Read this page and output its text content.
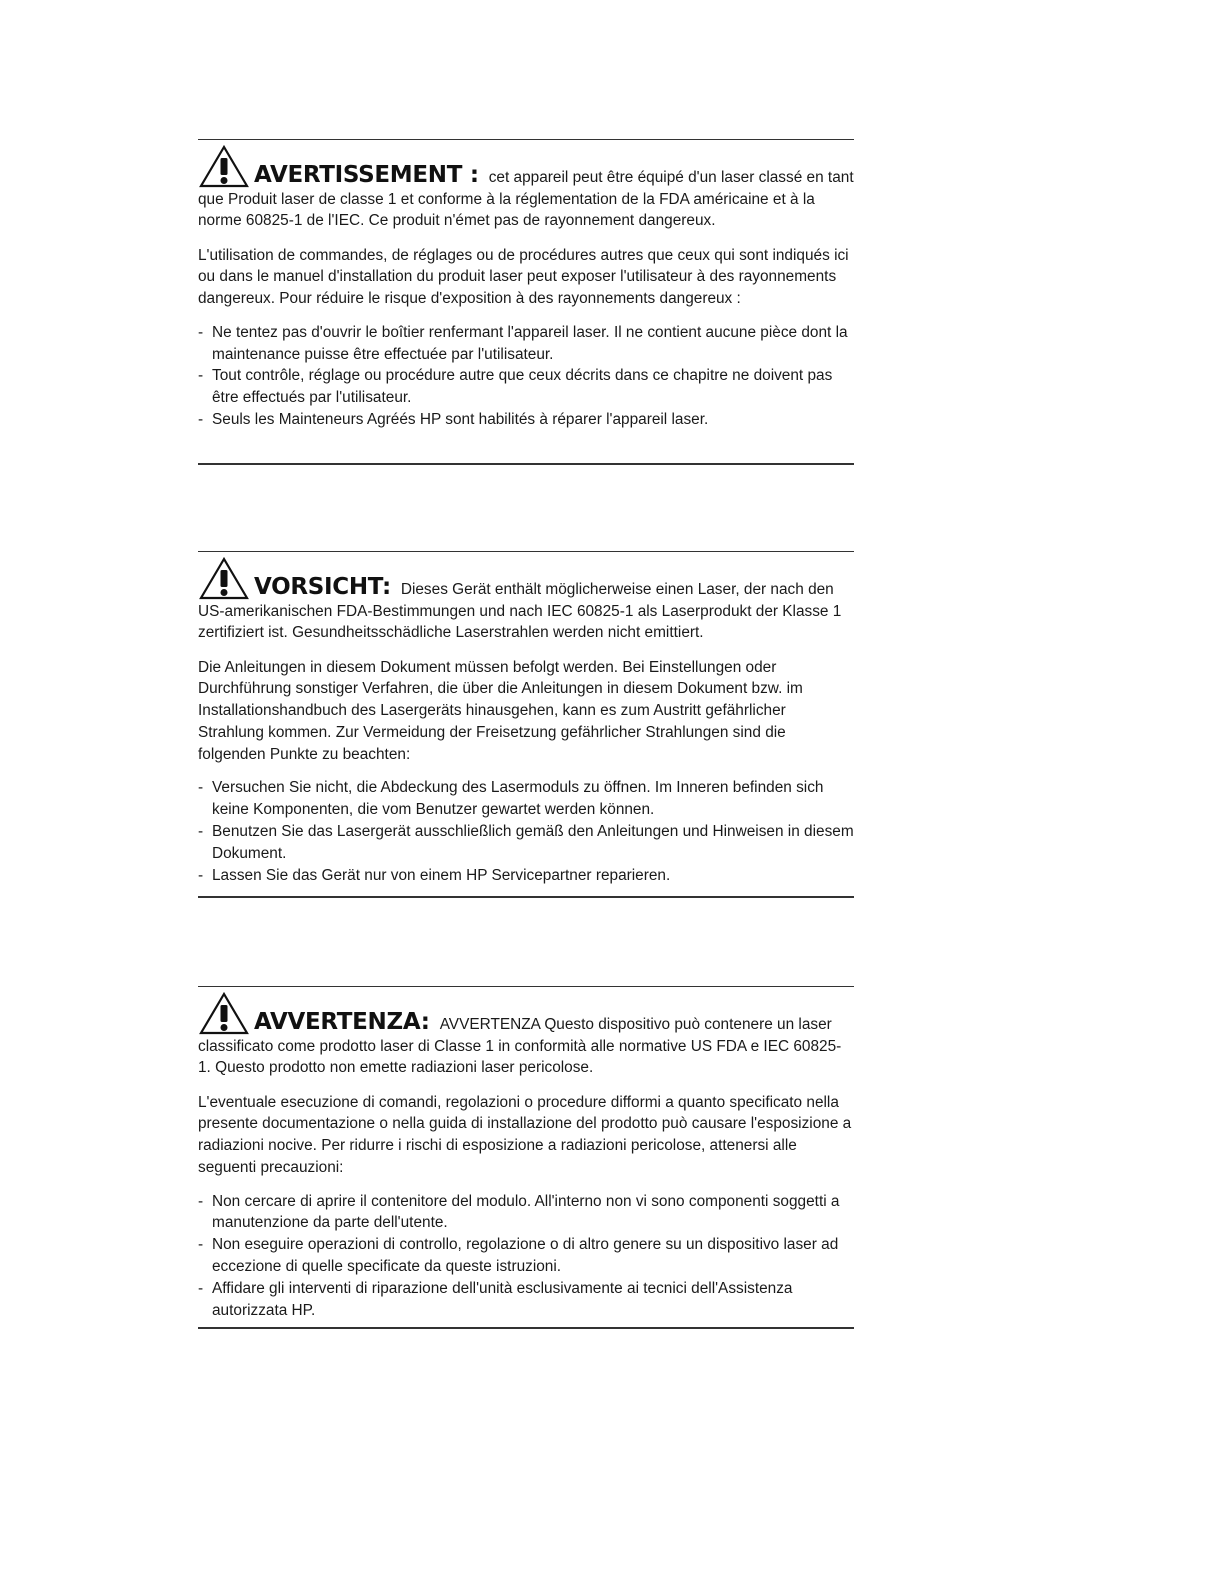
AVERTISSEMENT : cet appareil peut être équipé d'un laser classé en tant que Produit laser de classe 1 et conforme à la réglementation de la FDA américaine et à la norme 60825-1 de l'IEC. Ce produit n'émet pas de rayonnement dangereux.

L'utilisation de commandes, de réglages ou de procédures autres que ceux qui sont indiqués ici ou dans le manuel d'installation du produit laser peut exposer l'utilisateur à des rayonnements dangereux. Pour réduire le risque d'exposition à des rayonnements dangereux :

- Ne tentez pas d'ouvrir le boîtier renfermant l'appareil laser. Il ne contient aucune pièce dont la maintenance puisse être effectuée par l'utilisateur.
- Tout contrôle, réglage ou procédure autre que ceux décrits dans ce chapitre ne doivent pas être effectués par l'utilisateur.
- Seuls les Mainteneurs Agréés HP sont habilités à réparer l'appareil laser.

VORSICHT: Dieses Gerät enthält möglicherweise einen Laser, der nach den US-amerikanischen FDA-Bestimmungen und nach IEC 60825-1 als Laserprodukt der Klasse 1 zertifiziert ist. Gesundheitsschädliche Laserstrahlen werden nicht emittiert.

Die Anleitungen in diesem Dokument müssen befolgt werden. Bei Einstellungen oder Durchführung sonstiger Verfahren, die über die Anleitungen in diesem Dokument bzw. im Installationshandbuch des Lasergeräts hinausgehen, kann es zum Austritt gefährlicher Strahlung kommen. Zur Vermeidung der Freisetzung gefährlicher Strahlungen sind die folgenden Punkte zu beachten:

- Versuchen Sie nicht, die Abdeckung des Lasermoduls zu öffnen. Im Inneren befinden sich keine Komponenten, die vom Benutzer gewartet werden können.
- Benutzen Sie das Lasergerät ausschließlich gemäß den Anleitungen und Hinweisen in diesem Dokument.
- Lassen Sie das Gerät nur von einem HP Servicepartner reparieren.

AVVERTENZA: AVVERTENZA Questo dispositivo può contenere un laser classificato come prodotto laser di Classe 1 in conformità alle normative US FDA e IEC 60825-1. Questo prodotto non emette radiazioni laser pericolose.

L'eventuale esecuzione di comandi, regolazioni o procedure difformi a quanto specificato nella presente documentazione o nella guida di installazione del prodotto può causare l'esposizione a radiazioni nocive. Per ridurre i rischi di esposizione a radiazioni pericolose, attenersi alle seguenti precauzioni:

- Non cercare di aprire il contenitore del modulo. All'interno non vi sono componenti soggetti a manutenzione da parte dell'utente.
- Non eseguire operazioni di controllo, regolazione o di altro genere su un dispositivo laser ad eccezione di quelle specificate da queste istruzioni.
- Affidare gli interventi di riparazione dell'unità esclusivamente ai tecnici dell'Assistenza autorizzata HP.
